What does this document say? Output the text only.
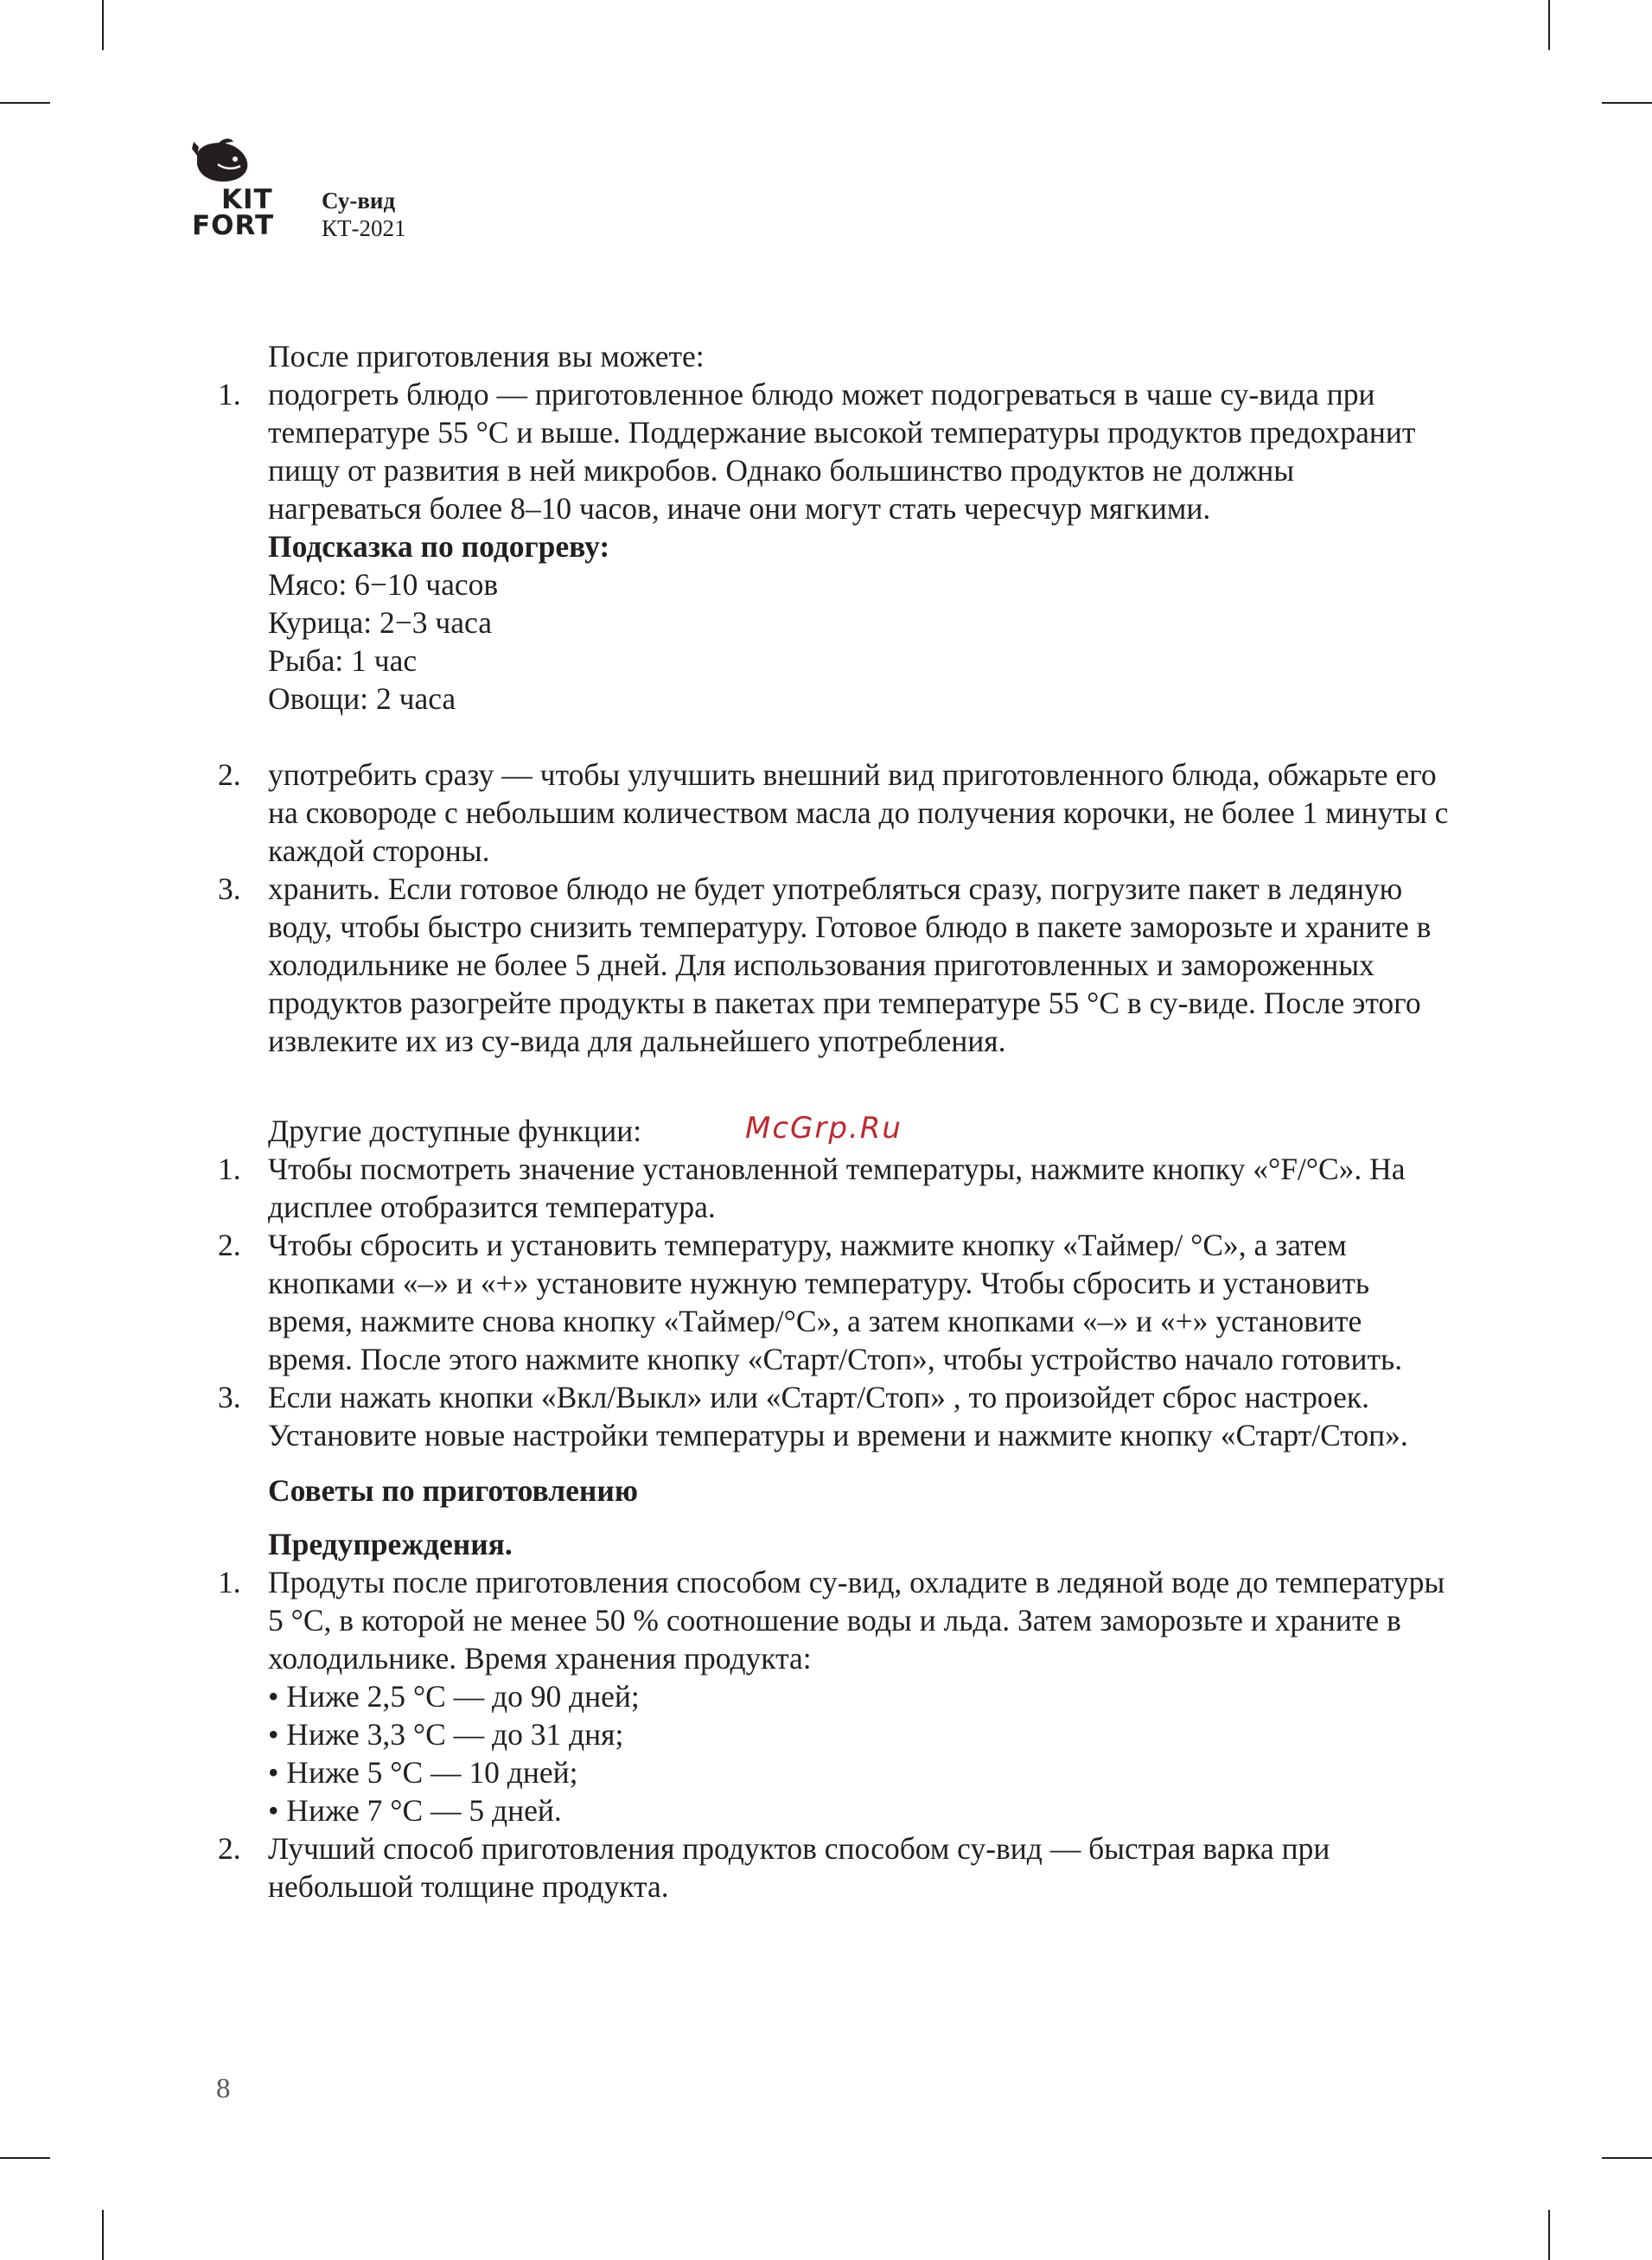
KIT
FORT
Су-вид
КТ-2021
После приготовления вы можете:
1. подогреть блюдо — приготовленное блюдо может подогреваться в чаше су-вида при температуре 55 °С и выше. Поддержание высокой температуры продуктов предохранит пищу от развития в ней микробов. Однако большинство продуктов не должны нагреваться более 8–10 часов, иначе они могут стать чересчур мягкими.
Подсказка по подогреву:
Мясо: 6−10 часов
Курица: 2−3 часа
Рыба: 1 час
Овощи: 2 часа
2. употребить сразу — чтобы улучшить внешний вид приготовленного блюда, обжарьте его на сковороде с небольшим количеством масла до получения корочки, не более 1 минуты с каждой стороны.
3. хранить. Если готовое блюдо не будет употребляться сразу, погрузите пакет в ледяную воду, чтобы быстро снизить температуру. Готовое блюдо в пакете заморозьте и храните в холодильнике не более 5 дней. Для использования приготовленных и замороженных продуктов разогрейте продукты в пакетах при температуре 55 °С в су-виде. После этого извлеките их из су-вида для дальнейшего употребления.
Другие доступные функции:
1. Чтобы посмотреть значение установленной температуры, нажмите кнопку «°F/°C». На дисплее отобразится температура.
2. Чтобы сбросить и установить температуру, нажмите кнопку «Таймер/ °C», а затем кнопками «–» и «+» установите нужную температуру. Чтобы сбросить и установить время, нажмите снова кнопку «Таймер/°C», а затем кнопками «–» и «+» установите время. После этого нажмите кнопку «Старт/Стоп», чтобы устройство начало готовить.
3. Если нажать кнопки «Вкл/Выкл» или «Старт/Стоп» , то произойдет сброс настроек. Установите новые настройки температуры и времени и нажмите кнопку «Старт/Стоп».
Советы по приготовлению
Предупреждения.
1. Продуты после приготовления способом су-вид, охладите в ледяной воде до температуры 5 °С, в которой не менее 50 % соотношение воды и льда. Затем заморозьте и храните в холодильнике. Время хранения продукта:
• Ниже 2,5 °С — до 90 дней;
• Ниже 3,3 °С — до 31 дня;
• Ниже 5 °С — 10 дней;
• Ниже 7 °С — 5 дней.
2. Лучший способ приготовления продуктов способом су-вид — быстрая варка при небольшой толщине продукта.
McGrp.Ru
8
